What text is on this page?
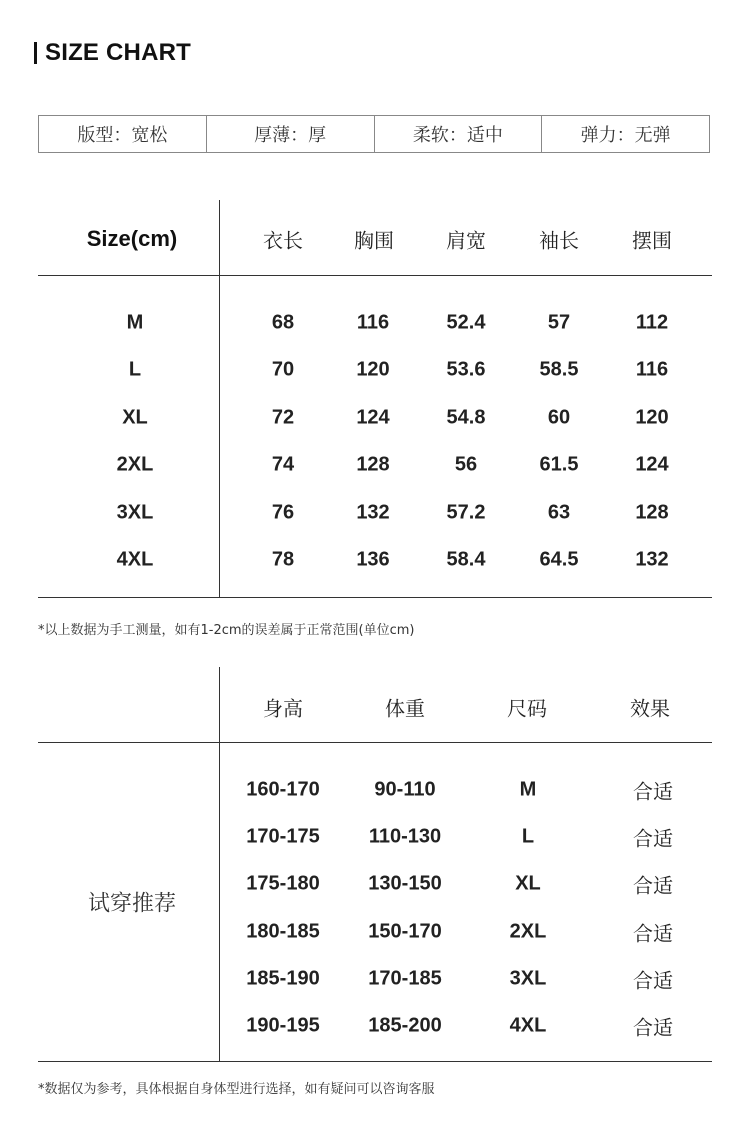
SIZE CHART
版型：宽松	厚薄：厚	柔软：适中	弹力：无弹
Size(cm)	衣长	胸围	肩宽	袖长	摆围
M	68	116	52.4	57	112
L	70	120	53.6	58.5	116
XL	72	124	54.8	60	120
2XL	74	128	56	61.5	124
3XL	76	132	57.2	63	128
4XL	78	136	58.4	64.5	132
*以上数据为手工测量，如有1-2cm的误差属于正常范围(单位cm)
身高	体重	尺码	效果
试穿推荐
160-170	90-110	M	合适
170-175 110-130	L	合适
175-180 130-150	XL	合适
180-185 150-170	2XL	合适
185-190 170-185	3XL	合适
190-195 185-200	4XL	合适
*数据仅为参考，具体根据自身体型进行选择，如有疑问可以咨询客服
